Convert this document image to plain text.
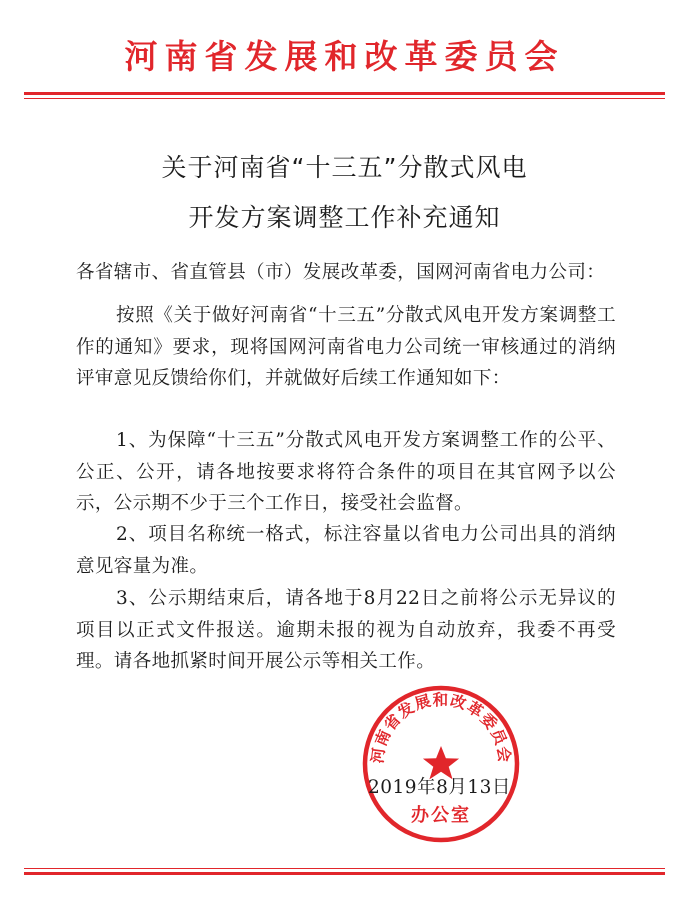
河南省发展和改革委员会
关于河南省“十三五”分散式风电
开发方案调整工作补充通知
各省辖市、省直管县（市）发展改革委，国网河南省电力公司：
按照《关于做好河南省“十三五”分散式风电开发方案调整工作的通知》要求，现将国网河南省电力公司统一审核通过的消纳评审意见反馈给你们，并就做好后续工作通知如下：
1、为保障“十三五”分散式风电开发方案调整工作的公平、公正、公开，请各地按要求将符合条件的项目在其官网予以公示，公示期不少于三个工作日，接受社会监督。
2、项目名称统一格式，标注容量以省电力公司出具的消纳意见容量为准。
3、公示期结束后，请各地于8月22日之前将公示无异议的项目以正式文件报送。逾期未报的视为自动放弃，我委不再受理。请各地抓紧时间开展公示等相关工作。
河南省发展和改革委员会
办公室
2019年8月13日
